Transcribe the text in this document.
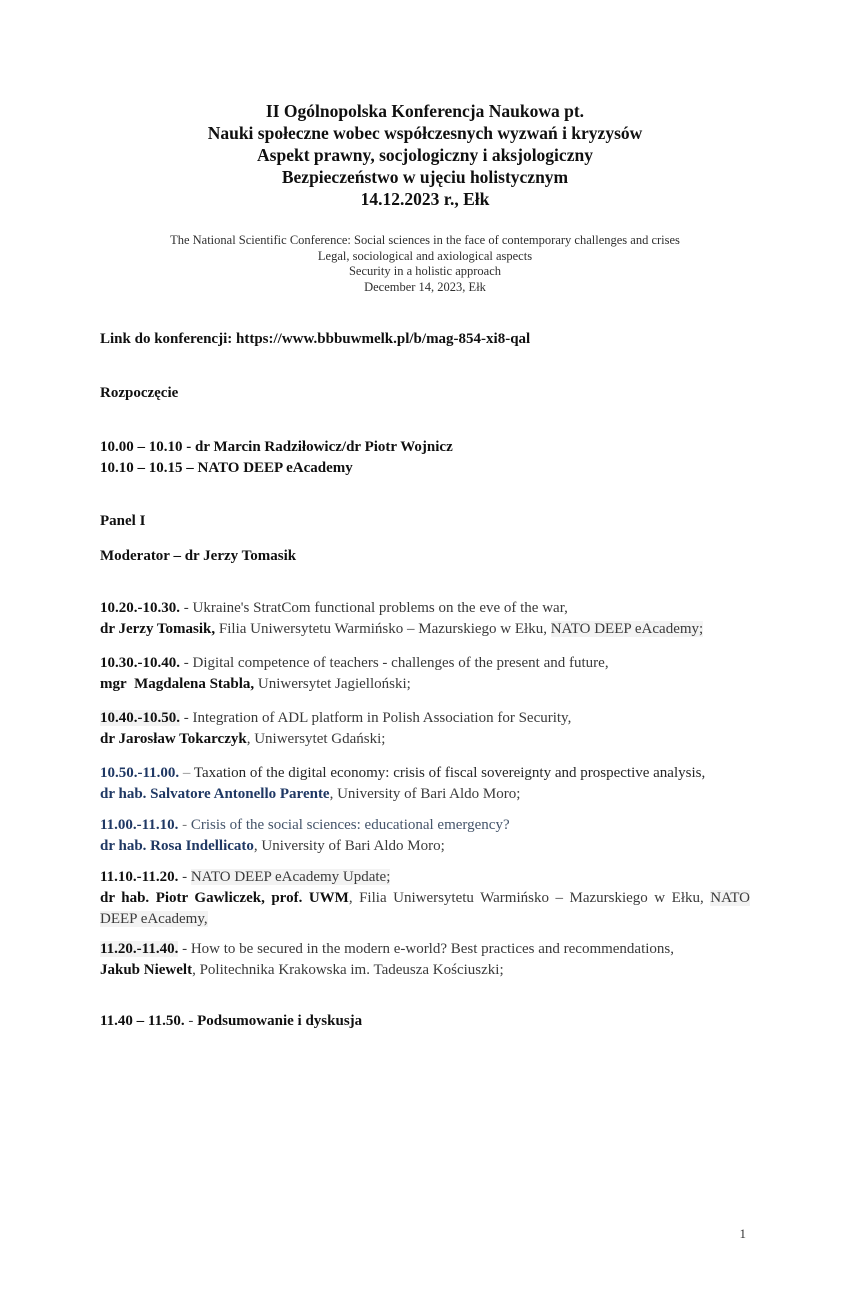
II Ogólnopolska Konferencja Naukowa pt.
Nauki społeczne wobec współczesnych wyzwań i kryzysów
Aspekt prawny, socjologiczny i aksjologiczny
Bezpieczeństwo w ujęciu holistycznym
14.12.2023 r., Ełk
The National Scientific Conference: Social sciences in the face of contemporary challenges and crises
Legal, sociological and axiological aspects
Security in a holistic approach
December 14, 2023, Ełk

Link do konferencji: https://www.bbbuwmelk.pl/b/mag-854-xi8-qal

Rozpoczęcie

10.00 – 10.10 - dr Marcin Radziłowicz/dr Piotr Wojnicz
10.10 – 10.15 – NATO DEEP eAcademy

Panel I

Moderator – dr Jerzy Tomasik

10.20.-10.30. - Ukraine's StratCom functional problems on the eve of the war,
dr Jerzy Tomasik, Filia Uniwersytetu Warmińsko – Mazurskiego w Ełku, NATO DEEP eAcademy;

10.30.-10.40. - Digital competence of teachers - challenges of the present and future,
mgr  Magdalena Stabla, Uniwersytet Jagielloński;

10.40.-10.50. - Integration of ADL platform in Polish Association for Security,
dr Jarosław Tokarczyk, Uniwersytet Gdański;

10.50.-11.00. – Taxation of the digital economy: crisis of fiscal sovereignty and prospective analysis,
dr hab. Salvatore Antonello Parente, University of Bari Aldo Moro;

11.00.-11.10. - Crisis of the social sciences: educational emergency?
dr hab. Rosa Indellicato, University of Bari Aldo Moro;

11.10.-11.20. - NATO DEEP eAcademy Update;
dr hab. Piotr Gawliczek, prof. UWM, Filia Uniwersytetu Warmińsko – Mazurskiego w Ełku, NATO DEEP eAcademy,

11.20.-11.40. - How to be secured in the modern e-world? Best practices and recommendations,
Jakub Niewelt, Politechnika Krakowska im. Tadeusza Kościuszki;

11.40 – 11.50. - Podsumowanie i dyskusja

1
